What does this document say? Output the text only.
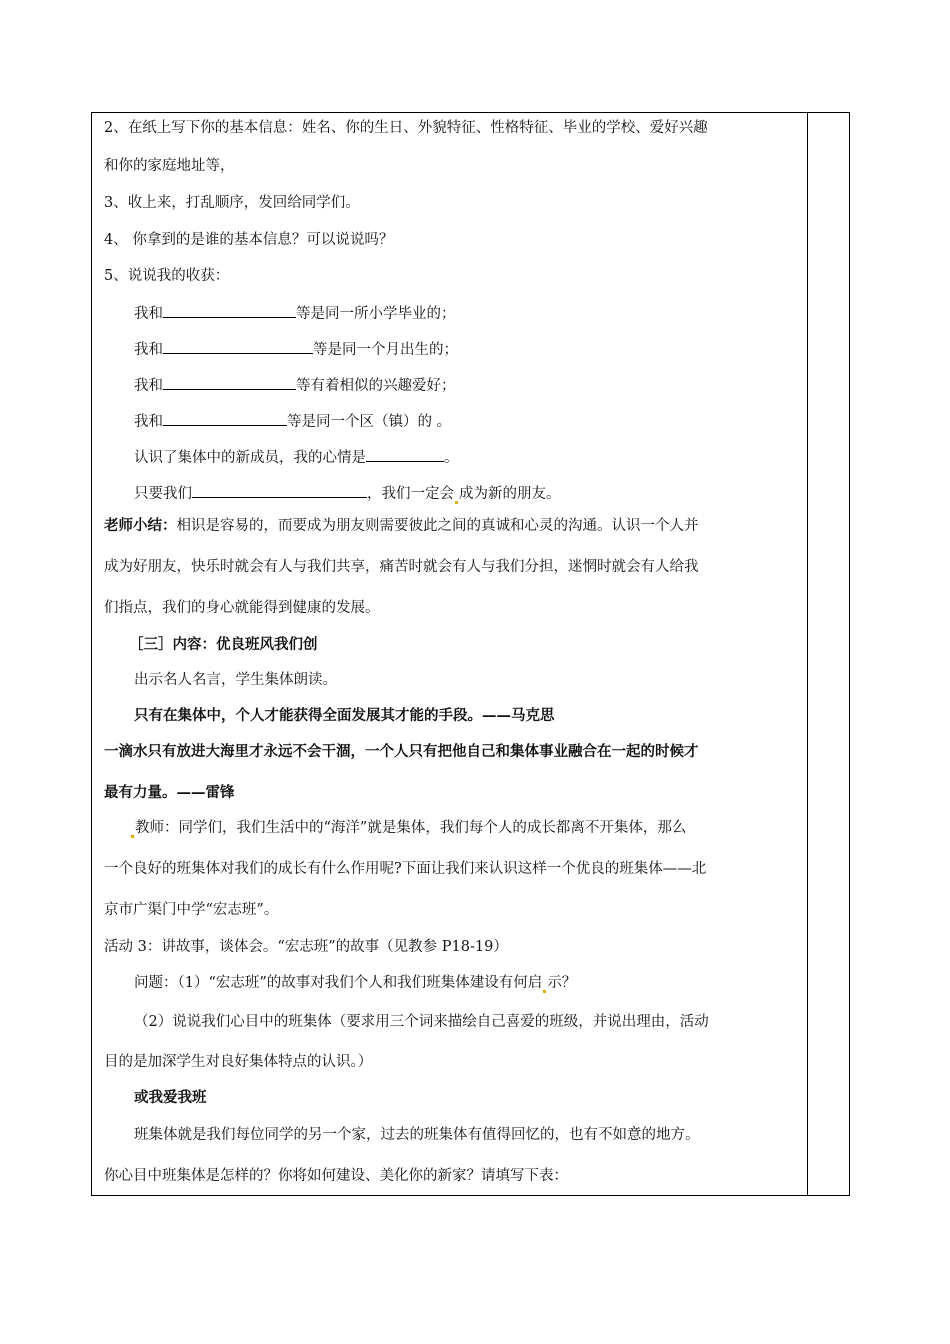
2、在纸上写下你的基本信息：姓名、你的生日、外貌特征、性格特征、毕业的学校、爱好兴趣
和你的家庭地址等，
3、收上来，打乱顺序，发回给同学们。
4、 你拿到的是谁的基本信息？可以说说吗？
5、说说我的收获：
我和	等是同一所小学毕业的；
我和	等是同一个月出生的；
我和	等有着相似的兴趣爱好；
我和	等是同一个区（镇）的 。
认识了集体中的新成员，我的心情是	。
只要我们	，我们一定会 成为新的朋友。
老师小结：相识是容易的，而要成为朋友则需要彼此之间的真诚和心灵的沟通。认识一个人并
成为好朋友，快乐时就会有人与我们共享，痛苦时就会有人与我们分担，迷惘时就会有人给我
们指点，我们的身心就能得到健康的发展。
［三］内容：优良班风我们创
出示名人名言，学生集体朗读。
只有在集体中，个人才能获得全面发展其才能的手段。——马克思
一滴水只有放进大海里才永远不会干涸，一个人只有把他自己和集体事业融合在一起的时候才
最有力量。——雷锋
教师：同学们，我们生活中的“海洋”就是集体，我们每个人的成长都离不开集体，那么
一个良好的班集体对我们的成长有什么作用呢?下面让我们来认识这样一个优良的班集体——北
京市广渠门中学“宏志班”。
活动 3：讲故事，谈体会。“宏志班”的故事（见教参 P18-19）
问题：（1）“宏志班”的故事对我们个人和我们班集体建设有何启 示？
（2）说说我们心目中的班集体（要求用三个词来描绘自己喜爱的班级，并说出理由，活动
目的是加深学生对良好集体特点的认识。）
或我爱我班
班集体就是我们每位同学的另一个家，过去的班集体有值得回忆的，也有不如意的地方。
你心目中班集体是怎样的？你将如何建设、美化你的新家？请填写下表：
